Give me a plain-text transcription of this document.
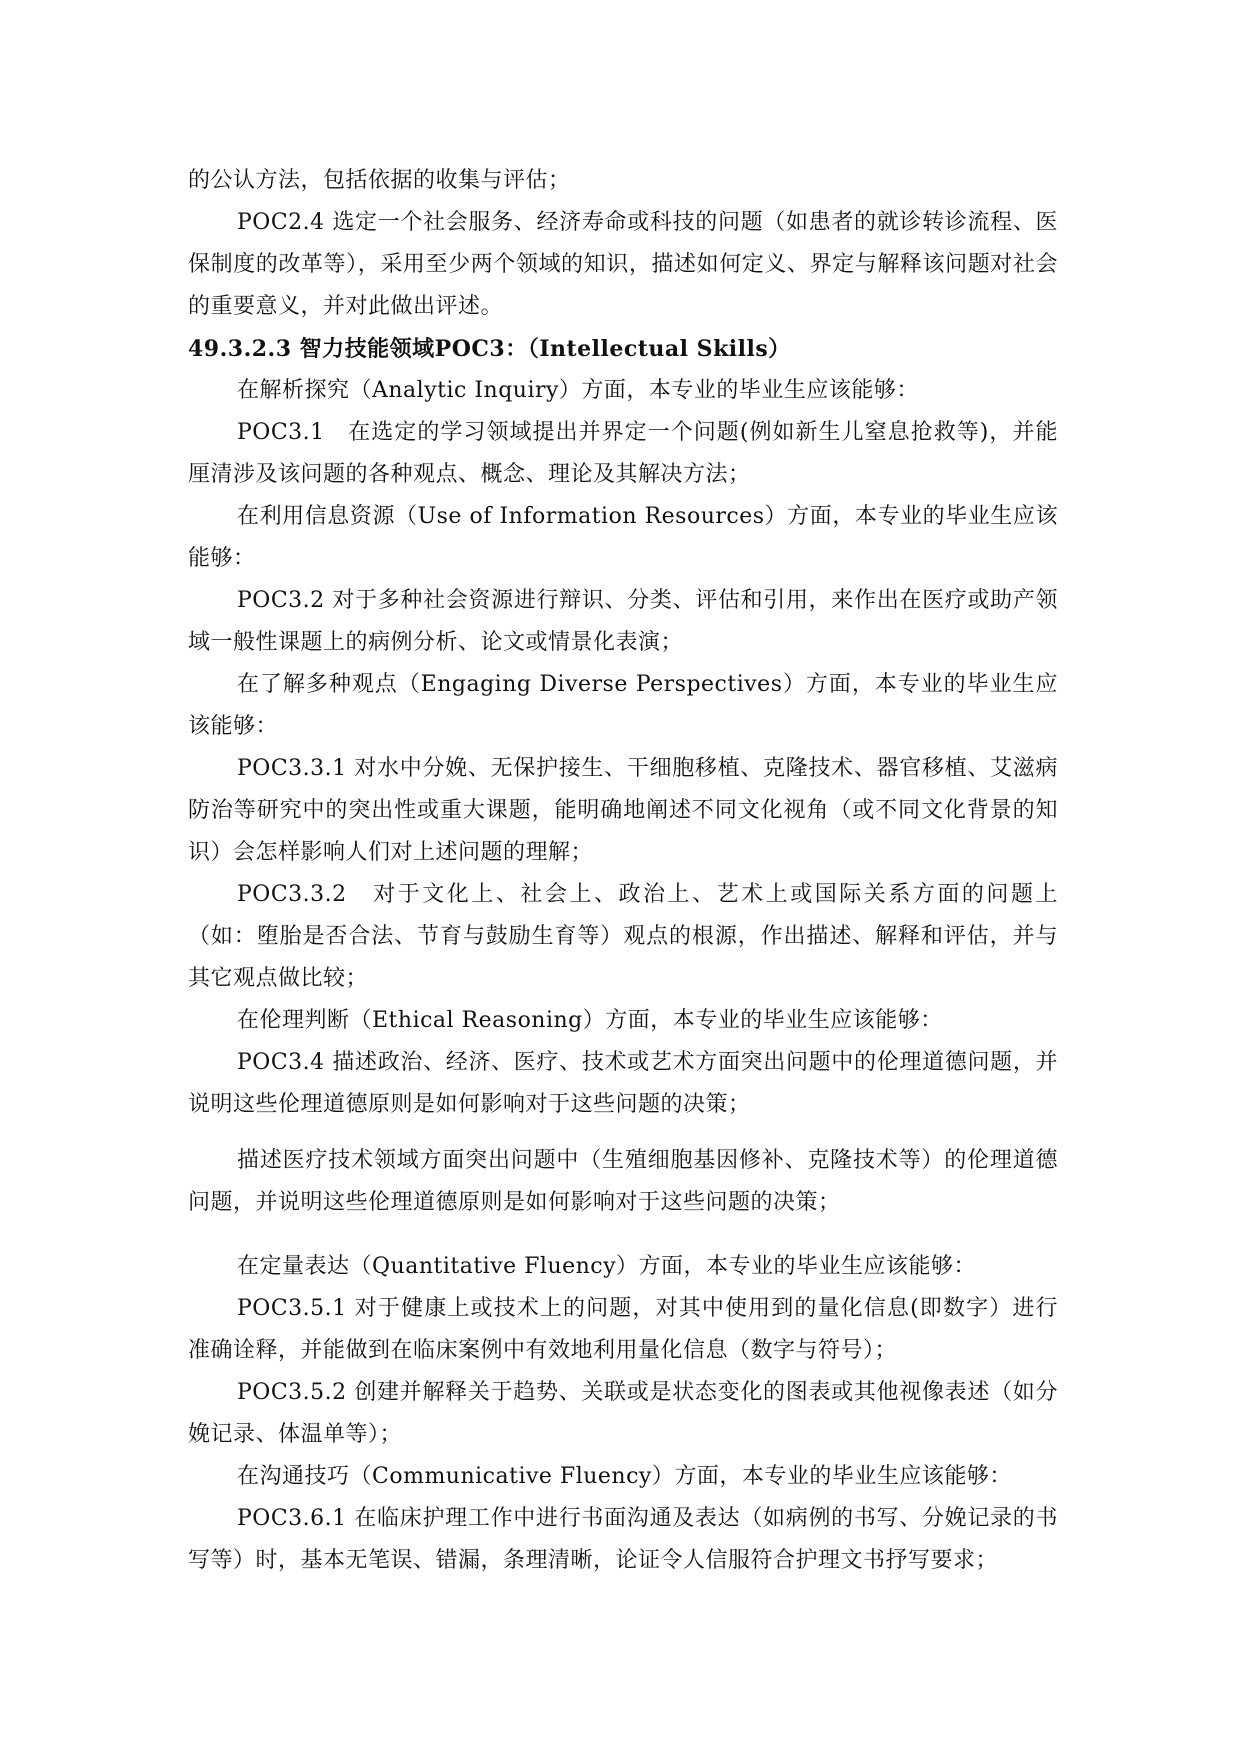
的公认方法，包括依据的收集与评估；

POC2.4 选定一个社会服务、经济寿命或科技的问题（如患者的就诊转诊流程、医保制度的改革等），采用至少两个领域的知识，描述如何定义、界定与解释该问题对社会的重要意义，并对此做出评述。

49.3.2.3 智力技能领域POC3：（Intellectual Skills）

在解析探究（Analytic Inquiry）方面，本专业的毕业生应该能够：

POC3.1　在选定的学习领域提出并界定一个问题(例如新生儿窒息抢救等)，并能厘清涉及该问题的各种观点、概念、理论及其解决方法；

在利用信息资源（Use of Information Resources）方面，本专业的毕业生应该能够：

POC3.2 对于多种社会资源进行辩识、分类、评估和引用，来作出在医疗或助产领域一般性课题上的病例分析、论文或情景化表演；

在了解多种观点（Engaging Diverse Perspectives）方面，本专业的毕业生应该能够：

POC3.3.1 对水中分娩、无保护接生、干细胞移植、克隆技术、器官移植、艾滋病防治等研究中的突出性或重大课题，能明确地阐述不同文化视角（或不同文化背景的知识）会怎样影响人们对上述问题的理解；

POC3.3.2　对于文化上、社会上、政治上、艺术上或国际关系方面的问题上（如：堕胎是否合法、节育与鼓励生育等）观点的根源，作出描述、解释和评估，并与其它观点做比较；

在伦理判断（Ethical Reasoning）方面，本专业的毕业生应该能够：

POC3.4 描述政治、经济、医疗、技术或艺术方面突出问题中的伦理道德问题，并说明这些伦理道德原则是如何影响对于这些问题的决策；

描述医疗技术领域方面突出问题中（生殖细胞基因修补、克隆技术等）的伦理道德问题，并说明这些伦理道德原则是如何影响对于这些问题的决策；

在定量表达（Quantitative Fluency）方面，本专业的毕业生应该能够：

POC3.5.1 对于健康上或技术上的问题，对其中使用到的量化信息(即数字）进行准确诠释，并能做到在临床案例中有效地利用量化信息（数字与符号）；

POC3.5.2 创建并解释关于趋势、关联或是状态变化的图表或其他视像表述（如分娩记录、体温单等）；

在沟通技巧（Communicative Fluency）方面，本专业的毕业生应该能够：

POC3.6.1 在临床护理工作中进行书面沟通及表达（如病例的书写、分娩记录的书写等）时，基本无笔误、错漏，条理清晰，论证令人信服符合护理文书抒写要求；
